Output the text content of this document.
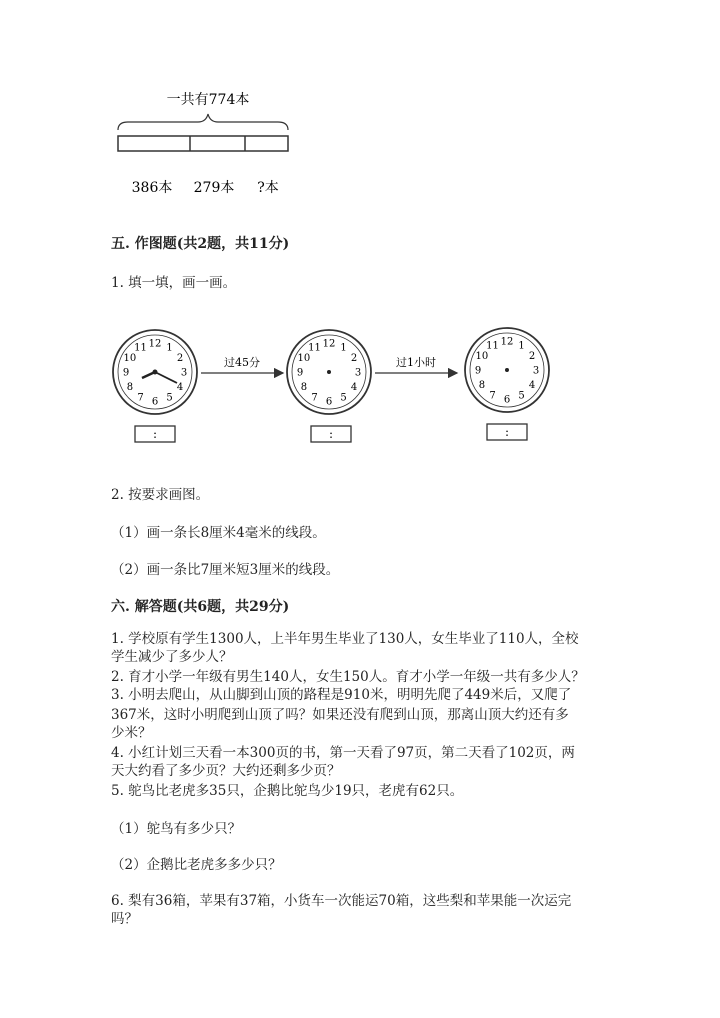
一共有774本
386本 279本 ?本
五. 作图题(共2题，共11分)
1. 填一填，画一画。
12 1
2
3
4
5
6
7
8
9
10
11
过45分
12 1
2
3
4
5
6
7
8
9
10
11
过1小时
12 1
2
3
4
5
6
7
8
9
10
11
:	:	:
2. 按要求画图。
（1）画一条长8厘米4毫米的线段。
（2）画一条比7厘米短3厘米的线段。
六. 解答题(共6题，共29分)
1. 学校原有学生1300人，上半年男生毕业了130人，女生毕业了110人，全校
学生减少了多少人？
2. 育才小学一年级有男生140人，女生150人。育才小学一年级一共有多少人？
3. 小明去爬山，从山脚到山顶的路程是910米，明明先爬了449米后，又爬了
367米，这时小明爬到山顶了吗？如果还没有爬到山顶，那离山顶大约还有多
少米？
4. 小红计划三天看一本300页的书，第一天看了97页，第二天看了102页，两
天大约看了多少页？大约还剩多少页？
5. 鸵鸟比老虎多35只，企鹅比鸵鸟少19只，老虎有62只。
（1）鸵鸟有多少只？
（2）企鹅比老虎多多少只？
6. 梨有36箱，苹果有37箱，小货车一次能运70箱，这些梨和苹果能一次运完
吗？
